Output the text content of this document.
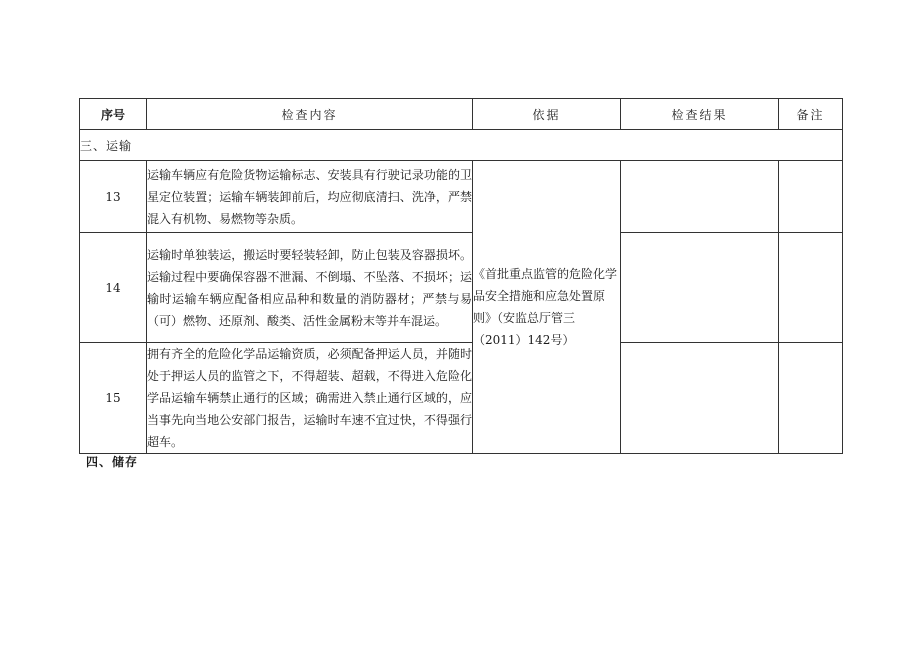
序号	检查内容	依据	检查结果	备注
三、运输				
13	运输车辆应有危险货物运输标志、安装具有行驶记录功能的卫星定位装置；运输车辆装卸前后，均应彻底清扫、洗净，严禁混入有机物、易燃物等杂质。	《首批重点监管的危险化学品安全措施和应急处置原则》（安监总厅管三（2011）142号）		
14	运输时单独装运，搬运时要轻装轻卸，防止包装及容器损坏。运输过程中要确保容器不泄漏、不倒塌、不坠落、不损坏；运输时运输车辆应配备相应品种和数量的消防器材；严禁与易（可）燃物、还原剂、酸类、活性金属粉末等并车混运。			
15	拥有齐全的危险化学品运输资质，必须配备押运人员，并随时处于押运人员的监管之下，不得超装、超载，不得进入危险化学品运输车辆禁止通行的区域；确需进入禁止通行区域的，应当事先向当地公安部门报告，运输时车速不宜过快，不得强行超车。			
四、储存
